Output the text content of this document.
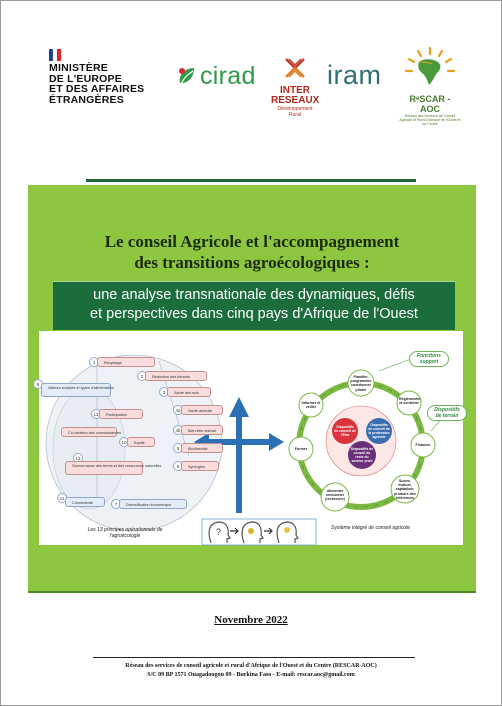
MINISTÈRE
DE L'EUROPE
ET DES AFFAIRES
ÉTRANGÈRES
cirad
INTER
RESEAUX
Développement Rural
iram
RᵉSCAR - AOC
Réseau des Services de Conseil Agricole et Rural d'Afrique de l'Ouest et du Centre
Le conseil Agricole et l'accompagnement
des transitions agroécologiques :
une analyse transnationale des dynamiques, défis
et perspectives dans cinq pays d'Afrique de l'Ouest
?
1	Recyclage
2	Réduction des intrants
3	Santé des sols
4a	Santé animale
4b	Bien-être animal
5	Biodiversité
6	Synergies
7	Diversification économique
Co-création des connaissances
9
Valeurs sociales et types d'alimentation
10	Equité
11
Connectivité
12
Gouvernance des terres et des ressources naturelles
13	Participation
Les 13 principes opérationnels de
l'agroécologie
Planifier, programmer coordonner piloter
Réglementer et contrôler
Financer
Suivre, évaluer, capitaliser, produire des références
Alimenter renouveler (recherche)
Former
Informer et veiller
Dispositifs de conseil de l'Etat
Dispositifs de conseil de la profession agricole
Dispositifs de conseil du reste du secteur privé
Fonctions support
Dispositifs de terrain
Système intégré de conseil agricole
Novembre 2022
Réseau des services de conseil agricole et rural d'Afrique de l'Ouest et du Centre (RESCAR-AOC)
S/C 09 BP 1571 Ouagadougou 09 - Burkina Faso - E-mail: rescar.aoc@gmail.com
